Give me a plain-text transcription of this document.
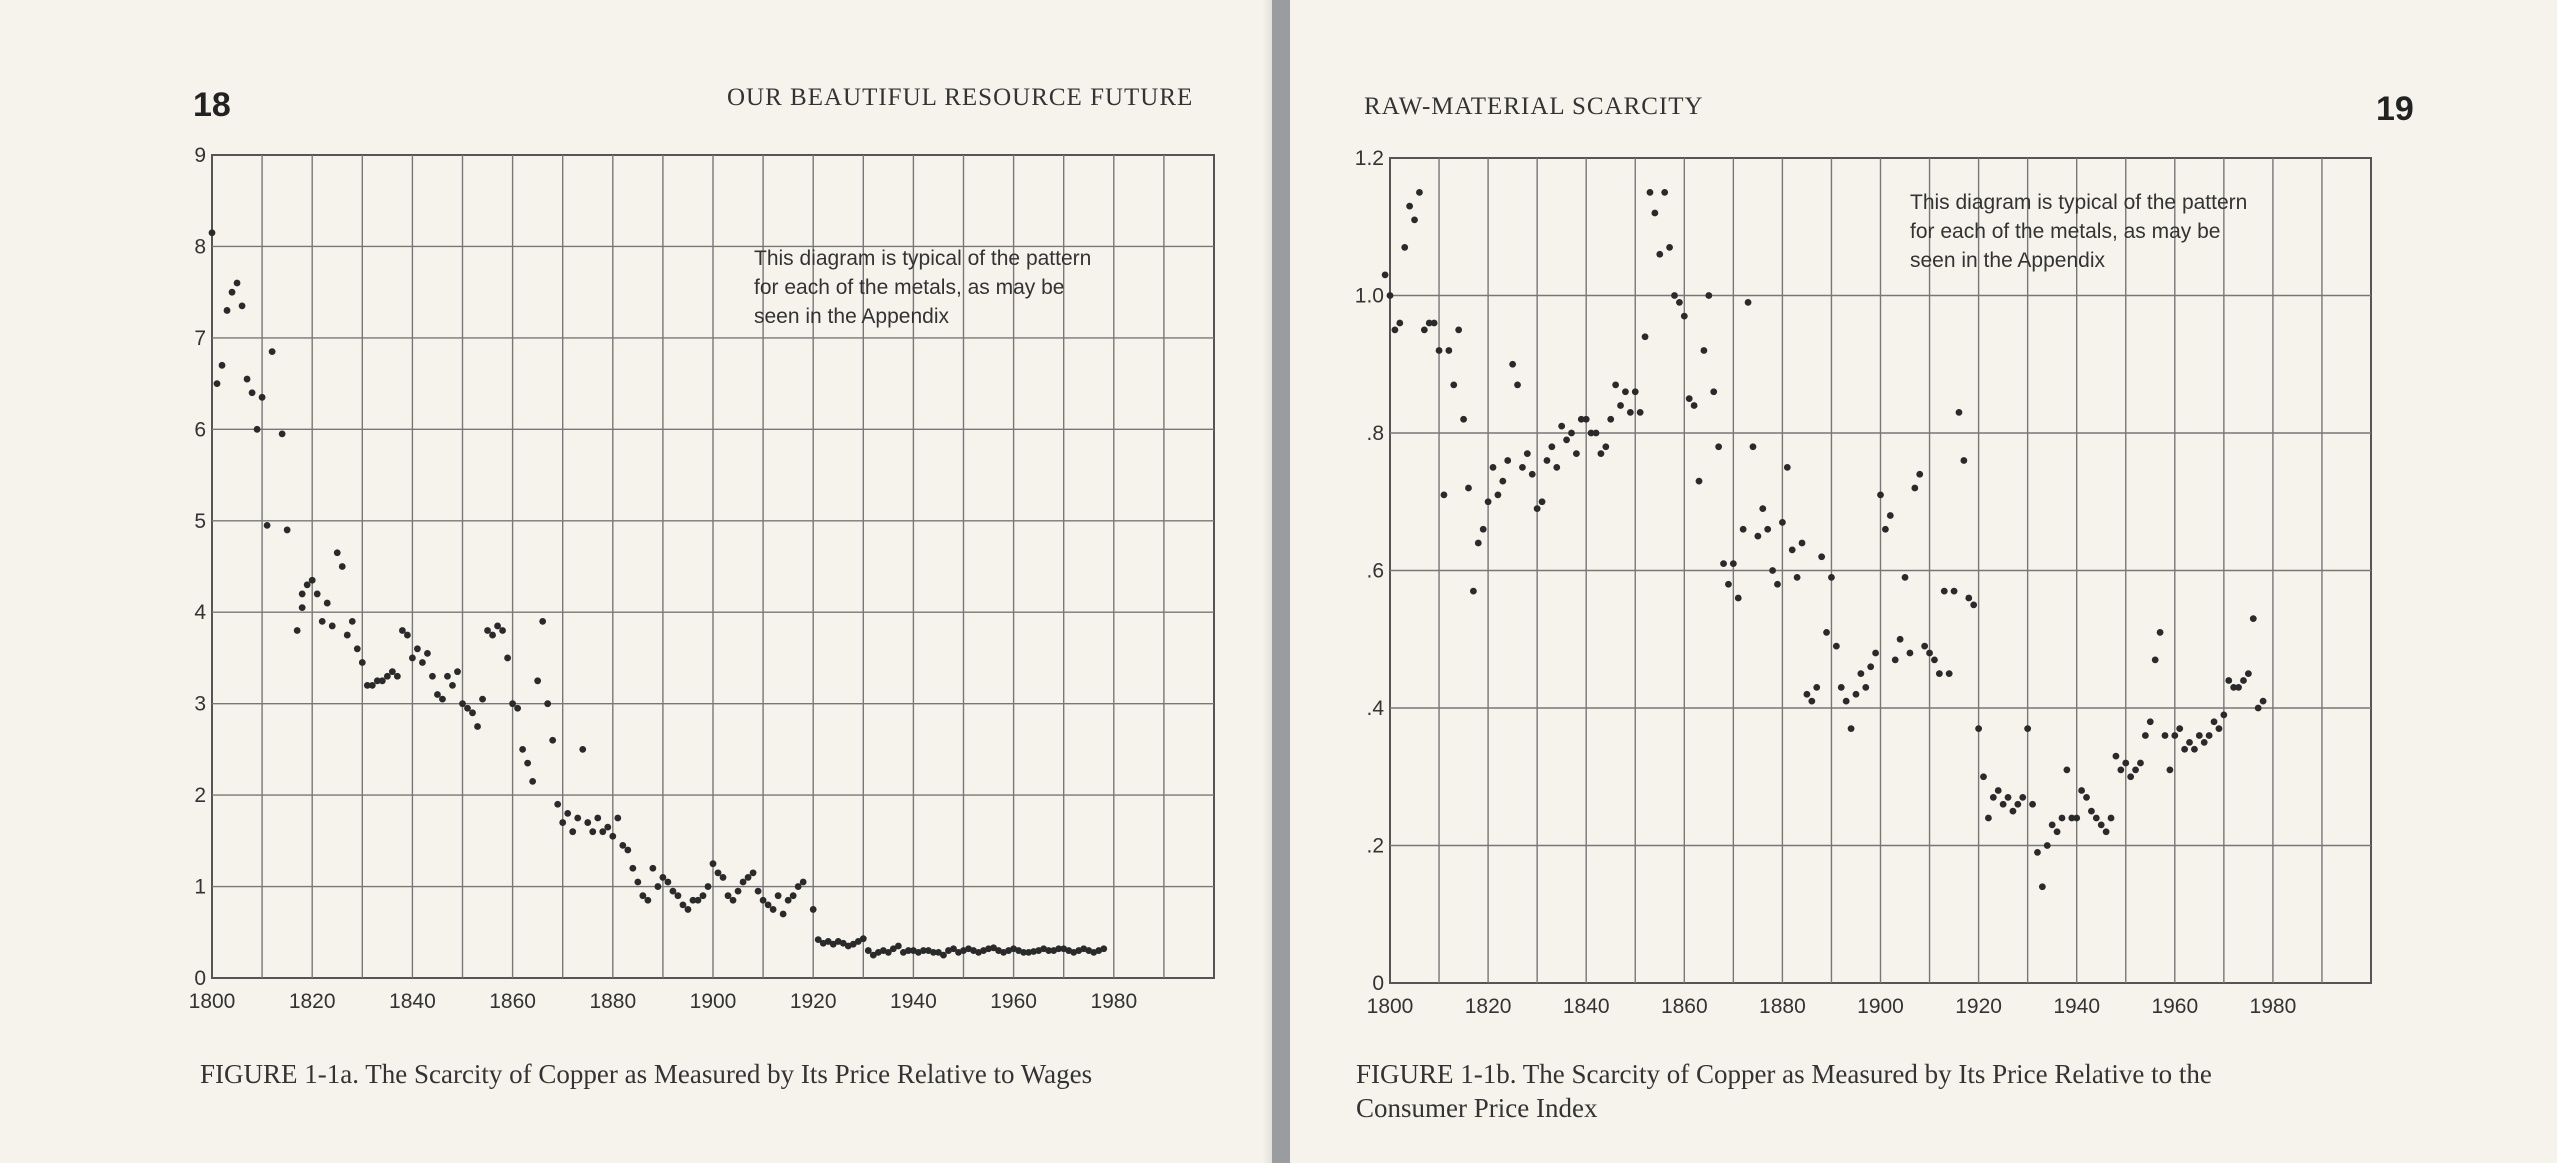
18	OUR BEAUTIFUL RESOURCE FUTURE
1800	1820	1840	1860	1880	1900	1920	1940	1960	1980
0
1
2
3
4
5
6
7
8
9
This diagram is typical of the pattern
for each of the metals, as may be
seen in the Appendix
FIGURE 1-1a. The Scarcity of Copper as Measured by Its Price Relative to Wages
RAW-MATERIAL SCARCITY	19
1800 1820 1840 1860 1880 1900 1920 1940 1960 1980
0
.2
.4
.6
.8
1.0
1.2
This diagram is typical of the pattern
for each of the metals, as may be
seen in the Appendix
FIGURE 1-1b. The Scarcity of Copper as Measured by Its Price Relative to the
Consumer Price Index
